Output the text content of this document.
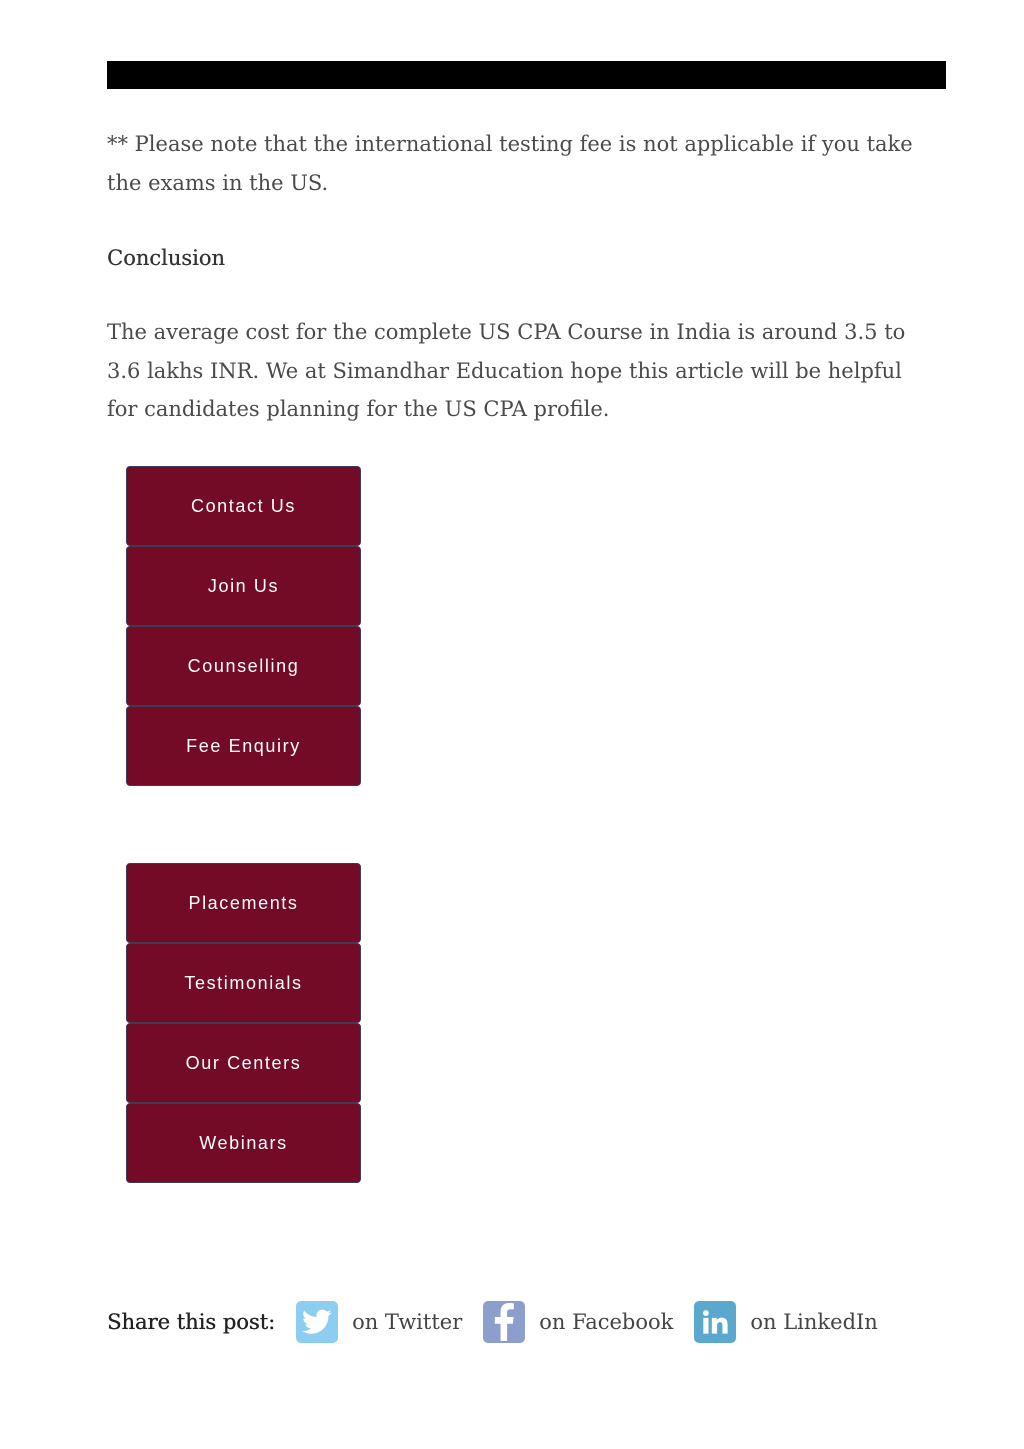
** Please note that the international testing fee is not applicable if you take the exams in the US.

Conclusion

The average cost for the complete US CPA Course in India is around 3.5 to 3.6 lakhs INR. We at Simandhar Education hope this article will be helpful for candidates planning for the US CPA profile.

Contact Us
Join Us
Counselling
Fee Enquiry
Placements
Testimonials
Our Centers
Webinars
Share this post:	on Twitter	on Facebook	on LinkedIn
